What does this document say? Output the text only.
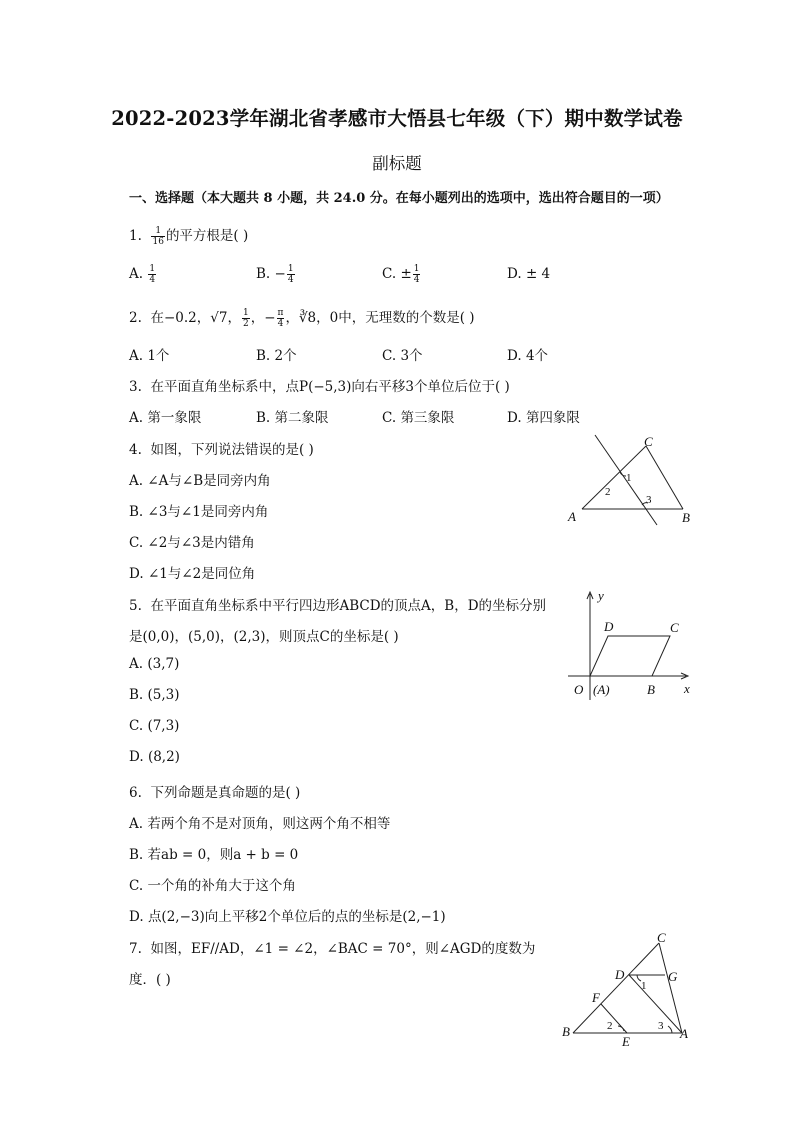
2022-2023学年湖北省孝感市大悟县七年级（下）期中数学试卷
副标题
一、选择题（本大题共 8 小题，共 24.0 分。在每小题列出的选项中，选出符合题目的一项）
1. $\frac{1}{16}$ 的平方根是( )
A. $\frac{1}{4}$	B. − $\frac{1}{4}$	C. ± $\frac{1}{4}$	D. ± 4
2. 在−0.2，√7， $\frac{1}{2}$ ，− $\frac{\pi}{4}$ ，∛8，0中，无理数的个数是( )
A. 1个	B. 2个	C. 3个	D. 4个
3. 在平面直角坐标系中，点P(−5,3)向右平移3个单位后位于( )
A. 第一象限	B. 第二象限	C. 第三象限	D. 第四象限
4. 如图，下列说法错误的是( )
A. ∠A与∠B是同旁内角
B. ∠3与∠1是同旁内角
C. ∠2与∠3是内错角
D. ∠1与∠2是同位角
C
A	B
1
2
3
5. 在平面直角坐标系中平行四边形ABCD的顶点A，B，D的坐标分别
是(0,0)，(5,0)，(2,3)，则顶点C的坐标是( )
A. (3,7)
B. (5,3)
C. (7,3)
D. (8,2)
y
x
D	C
O (A)	B
6. 下列命题是真命题的是( )
A. 若两个角不是对顶角，则这两个角不相等
B. 若ab = 0，则a + b = 0
C. 一个角的补角大于这个角
D. 点(2,−3)向上平移2个单位后的点的坐标是(2,−1)
7. 如图，EF//AD，∠1 = ∠2，∠BAC = 70°，则∠AGD的度数为
度．( )
C
D	G
F
B
E
A
1
2	3
